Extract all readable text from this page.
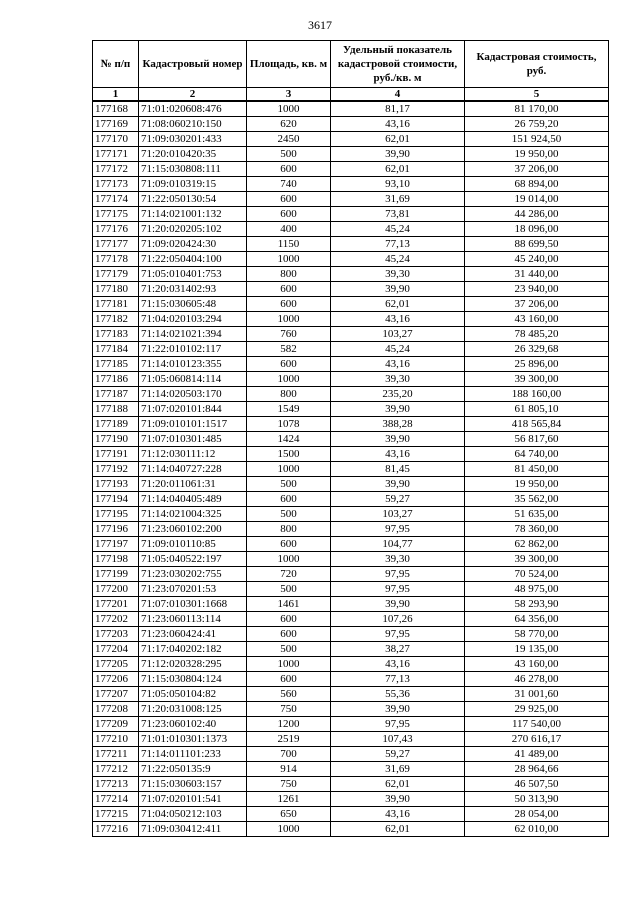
3617
№ п/п	Кадастровый номер	Площадь, кв. м	Удельный показатель кадастровой стоимости, руб./кв. м	Кадастровая стоимость, руб.
1	2	3	4	5
177168	71:01:020608:476	1000	81,17	81 170,00
177169	71:08:060210:150	620	43,16	26 759,20
177170	71:09:030201:433	2450	62,01	151 924,50
177171	71:20:010420:35	500	39,90	19 950,00
177172	71:15:030808:111	600	62,01	37 206,00
177173	71:09:010319:15	740	93,10	68 894,00
177174	71:22:050130:54	600	31,69	19 014,00
177175	71:14:021001:132	600	73,81	44 286,00
177176	71:20:020205:102	400	45,24	18 096,00
177177	71:09:020424:30	1150	77,13	88 699,50
177178	71:22:050404:100	1000	45,24	45 240,00
177179	71:05:010401:753	800	39,30	31 440,00
177180	71:20:031402:93	600	39,90	23 940,00
177181	71:15:030605:48	600	62,01	37 206,00
177182	71:04:020103:294	1000	43,16	43 160,00
177183	71:14:021021:394	760	103,27	78 485,20
177184	71:22:010102:117	582	45,24	26 329,68
177185	71:14:010123:355	600	43,16	25 896,00
177186	71:05:060814:114	1000	39,30	39 300,00
177187	71:14:020503:170	800	235,20	188 160,00
177188	71:07:020101:844	1549	39,90	61 805,10
177189	71:09:010101:1517	1078	388,28	418 565,84
177190	71:07:010301:485	1424	39,90	56 817,60
177191	71:12:030111:12	1500	43,16	64 740,00
177192	71:14:040727:228	1000	81,45	81 450,00
177193	71:20:011061:31	500	39,90	19 950,00
177194	71:14:040405:489	600	59,27	35 562,00
177195	71:14:021004:325	500	103,27	51 635,00
177196	71:23:060102:200	800	97,95	78 360,00
177197	71:09:010110:85	600	104,77	62 862,00
177198	71:05:040522:197	1000	39,30	39 300,00
177199	71:23:030202:755	720	97,95	70 524,00
177200	71:23:070201:53	500	97,95	48 975,00
177201	71:07:010301:1668	1461	39,90	58 293,90
177202	71:23:060113:114	600	107,26	64 356,00
177203	71:23:060424:41	600	97,95	58 770,00
177204	71:17:040202:182	500	38,27	19 135,00
177205	71:12:020328:295	1000	43,16	43 160,00
177206	71:15:030804:124	600	77,13	46 278,00
177207	71:05:050104:82	560	55,36	31 001,60
177208	71:20:031008:125	750	39,90	29 925,00
177209	71:23:060102:40	1200	97,95	117 540,00
177210	71:01:010301:1373	2519	107,43	270 616,17
177211	71:14:011101:233	700	59,27	41 489,00
177212	71:22:050135:9	914	31,69	28 964,66
177213	71:15:030603:157	750	62,01	46 507,50
177214	71:07:020101:541	1261	39,90	50 313,90
177215	71:04:050212:103	650	43,16	28 054,00
177216	71:09:030412:411	1000	62,01	62 010,00
